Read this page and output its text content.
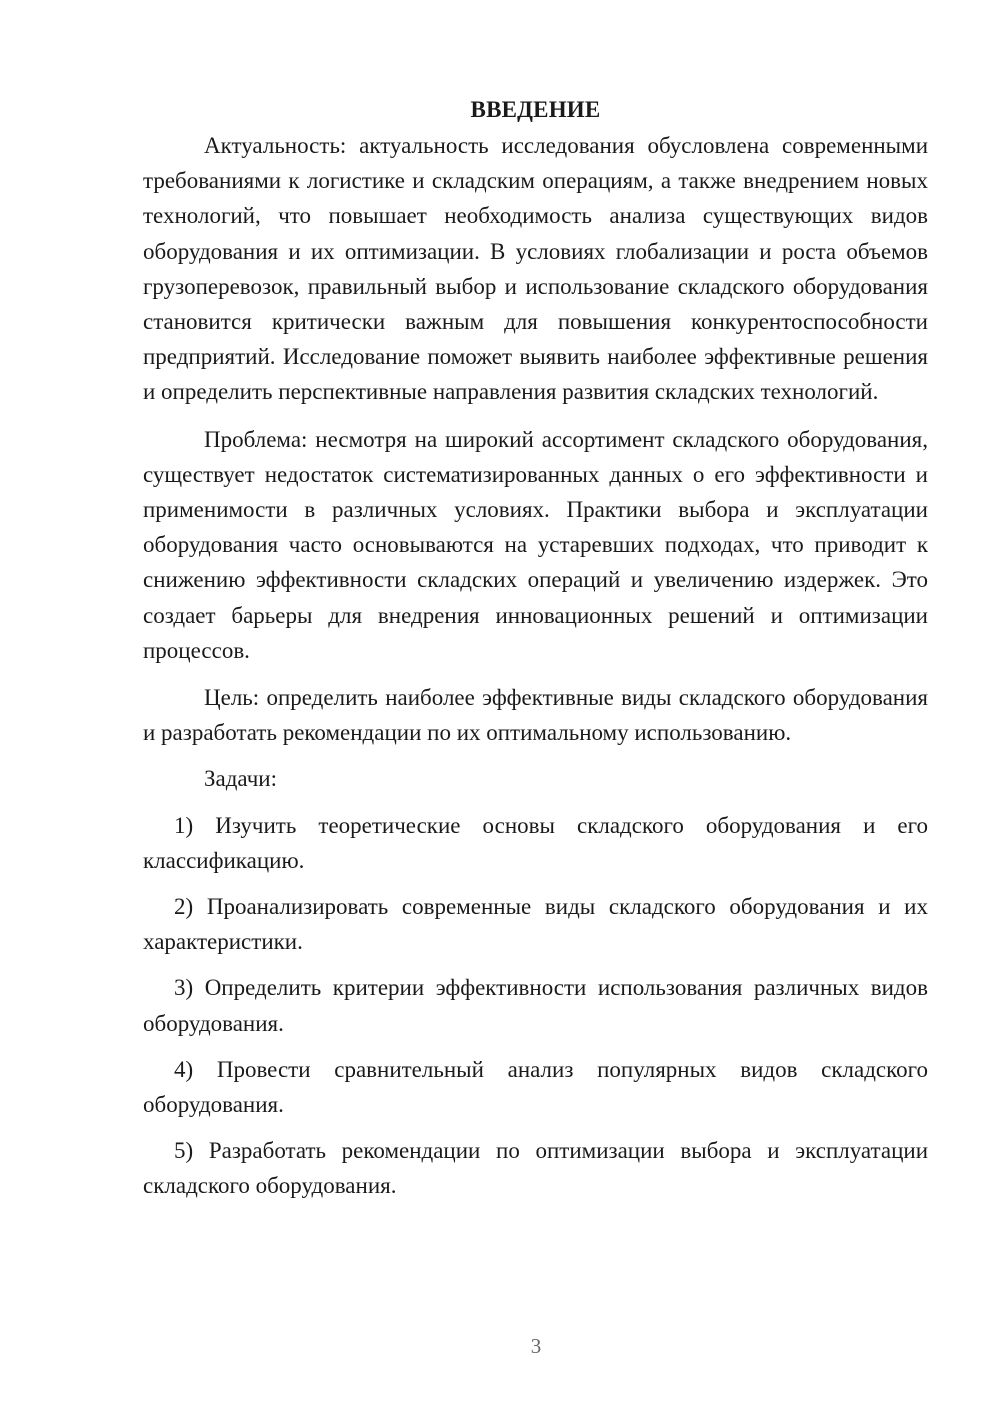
ВВЕДЕНИЕ

Актуальность: актуальность исследования обусловлена современными требованиями к логистике и складским операциям, а также внедрением новых технологий, что повышает необходимость анализа существующих видов оборудования и их оптимизации. В условиях глобализации и роста объемов грузоперевозок, правильный выбор и использование складского оборудования становится критически важным для повышения конкурентоспособности предприятий. Исследование поможет выявить наиболее эффективные решения и определить перспективные направления развития складских технологий.

Проблема: несмотря на широкий ассортимент складского оборудования, существует недостаток систематизированных данных о его эффективности и применимости в различных условиях. Практики выбора и эксплуатации оборудования часто основываются на устаревших подходах, что приводит к снижению эффективности складских операций и увеличению издержек. Это создает барьеры для внедрения инновационных решений и оптимизации процессов.

Цель: определить наиболее эффективные виды складского оборудования и разработать рекомендации по их оптимальному использованию.

Задачи:

1) Изучить теоретические основы складского оборудования и его классификацию.

2) Проанализировать современные виды складского оборудования и их характеристики.

3) Определить критерии эффективности использования различных видов оборудования.

4) Провести сравнительный анализ популярных видов складского оборудования.

5) Разработать рекомендации по оптимизации выбора и эксплуатации складского оборудования.

3
